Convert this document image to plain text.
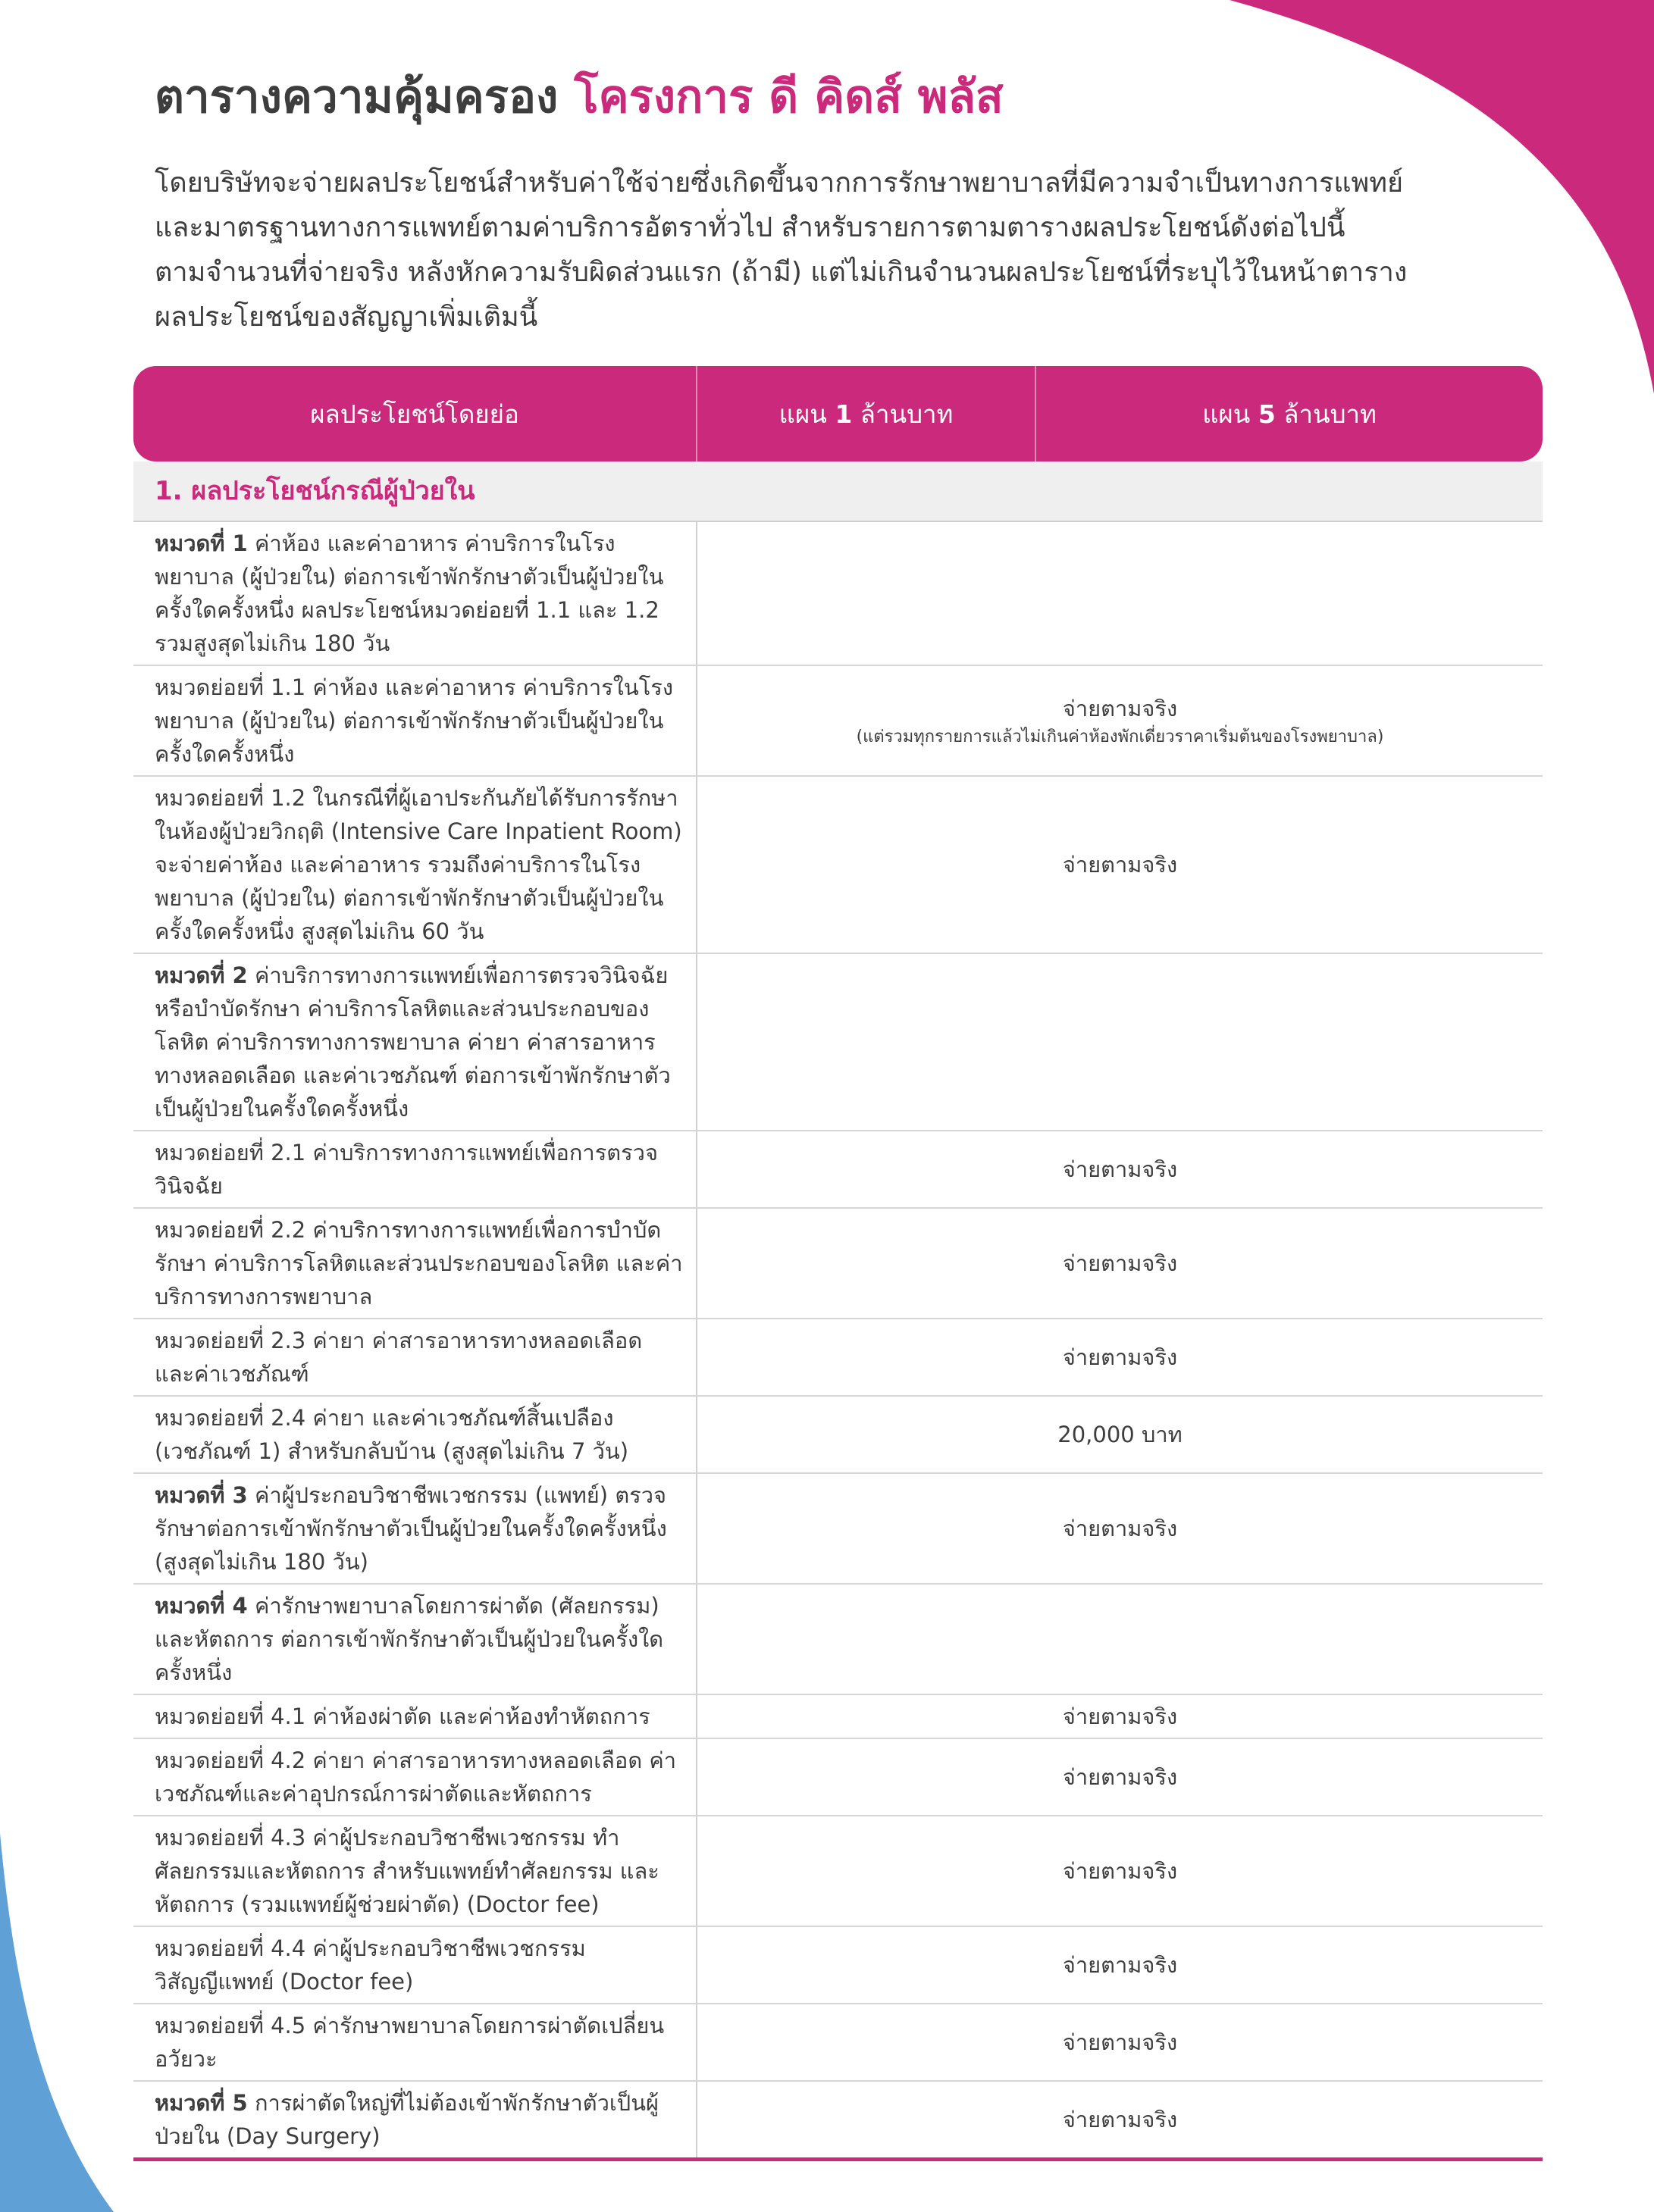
ตารางความคุ้มครอง โครงการ ดี คิดส์ พลัส

โดยบริษัทจะจ่ายผลประโยชน์สำหรับค่าใช้จ่ายซึ่งเกิดขึ้นจากการรักษาพยาบาลที่มีความจำเป็นทางการแพทย์

และมาตรฐานทางการแพทย์ตามค่าบริการอัตราทั่วไป สำหรับรายการตามตารางผลประโยชน์ดังต่อไปนี้

ตามจำนวนที่จ่ายจริง หลังหักความรับผิดส่วนแรก (ถ้ามี) แต่ไม่เกินจำนวนผลประโยชน์ที่ระบุไว้ในหน้าตาราง

ผลประโยชน์ของสัญญาเพิ่มเติมนี้

ผลประโยชน์โดยย่อ	แผน 1 ล้านบาท	แผน 5 ล้านบาท
1. ผลประโยชน์กรณีผู้ป่วยใน		
หมวดที่ 1 ค่าห้อง และค่าอาหาร ค่าบริการในโรงพยาบาล (ผู้ป่วยใน) ต่อการเข้าพักรักษาตัวเป็นผู้ป่วยในครั้งใดครั้งหนึ่ง ผลประโยชน์หมวดย่อยที่ 1.1 และ 1.2 รวมสูงสุดไม่เกิน 180 วัน		
หมวดย่อยที่ 1.1 ค่าห้อง และค่าอาหาร ค่าบริการในโรงพยาบาล (ผู้ป่วยใน) ต่อการเข้าพักรักษาตัวเป็นผู้ป่วยในครั้งใดครั้งหนึ่ง	จ่ายตามจริง
(แต่รวมทุกรายการแล้วไม่เกินค่าห้องพักเดี่ยวราคาเริ่มต้นของโรงพยาบาล)	

หมวดย่อยที่ 1.2 ในกรณีที่ผู้เอาประกันภัยได้รับการรักษาในห้องผู้ป่วยวิกฤติ (Intensive Care Inpatient Room) จะจ่ายค่าห้อง และค่าอาหาร รวมถึงค่าบริการในโรงพยาบาล (ผู้ป่วยใน) ต่อการเข้าพักรักษาตัวเป็นผู้ป่วยในครั้งใดครั้งหนึ่ง สูงสุดไม่เกิน 60 วัน	จ่ายตามจริง	
หมวดที่ 2 ค่าบริการทางการแพทย์เพื่อการตรวจวินิจฉัยหรือบำบัดรักษา ค่าบริการโลหิตและส่วนประกอบของโลหิต ค่าบริการทางการพยาบาล ค่ายา ค่าสารอาหารทางหลอดเลือด และค่าเวชภัณฑ์ ต่อการเข้าพักรักษาตัวเป็นผู้ป่วยในครั้งใดครั้งหนึ่ง		
หมวดย่อยที่ 2.1 ค่าบริการทางการแพทย์เพื่อการตรวจวินิจฉัย	จ่ายตามจริง	
หมวดย่อยที่ 2.2 ค่าบริการทางการแพทย์เพื่อการบำบัดรักษา ค่าบริการโลหิตและส่วนประกอบของโลหิต และค่าบริการทางการพยาบาล	จ่ายตามจริง	
หมวดย่อยที่ 2.3 ค่ายา ค่าสารอาหารทางหลอดเลือด และค่าเวชภัณฑ์	จ่ายตามจริง	
หมวดย่อยที่ 2.4 ค่ายา และค่าเวชภัณฑ์สิ้นเปลือง (เวชภัณฑ์ 1) สำหรับกลับบ้าน (สูงสุดไม่เกิน 7 วัน)	20,000 บาท	
หมวดที่ 3 ค่าผู้ประกอบวิชาชีพเวชกรรม (แพทย์) ตรวจรักษาต่อการเข้าพักรักษาตัวเป็นผู้ป่วยในครั้งใดครั้งหนึ่ง (สูงสุดไม่เกิน 180 วัน)	จ่ายตามจริง	
หมวดที่ 4 ค่ารักษาพยาบาลโดยการผ่าตัด (ศัลยกรรม) และหัตถการ ต่อการเข้าพักรักษาตัวเป็นผู้ป่วยในครั้งใดครั้งหนึ่ง		
หมวดย่อยที่ 4.1 ค่าห้องผ่าตัด และค่าห้องทำหัตถการ	จ่ายตามจริง	
หมวดย่อยที่ 4.2 ค่ายา ค่าสารอาหารทางหลอดเลือด ค่าเวชภัณฑ์และค่าอุปกรณ์การผ่าตัดและหัตถการ	จ่ายตามจริง	
หมวดย่อยที่ 4.3 ค่าผู้ประกอบวิชาชีพเวชกรรม ทำศัลยกรรมและหัตถการ สำหรับแพทย์ทำศัลยกรรม และหัตถการ (รวมแพทย์ผู้ช่วยผ่าตัด) (Doctor fee)	จ่ายตามจริง	
หมวดย่อยที่ 4.4 ค่าผู้ประกอบวิชาชีพเวชกรรม วิสัญญีแพทย์ (Doctor fee)	จ่ายตามจริง	
หมวดย่อยที่ 4.5 ค่ารักษาพยาบาลโดยการผ่าตัดเปลี่ยนอวัยวะ	จ่ายตามจริง	
หมวดที่ 5 การผ่าตัดใหญ่ที่ไม่ต้องเข้าพักรักษาตัวเป็นผู้ป่วยใน (Day Surgery)	จ่ายตามจริง	
